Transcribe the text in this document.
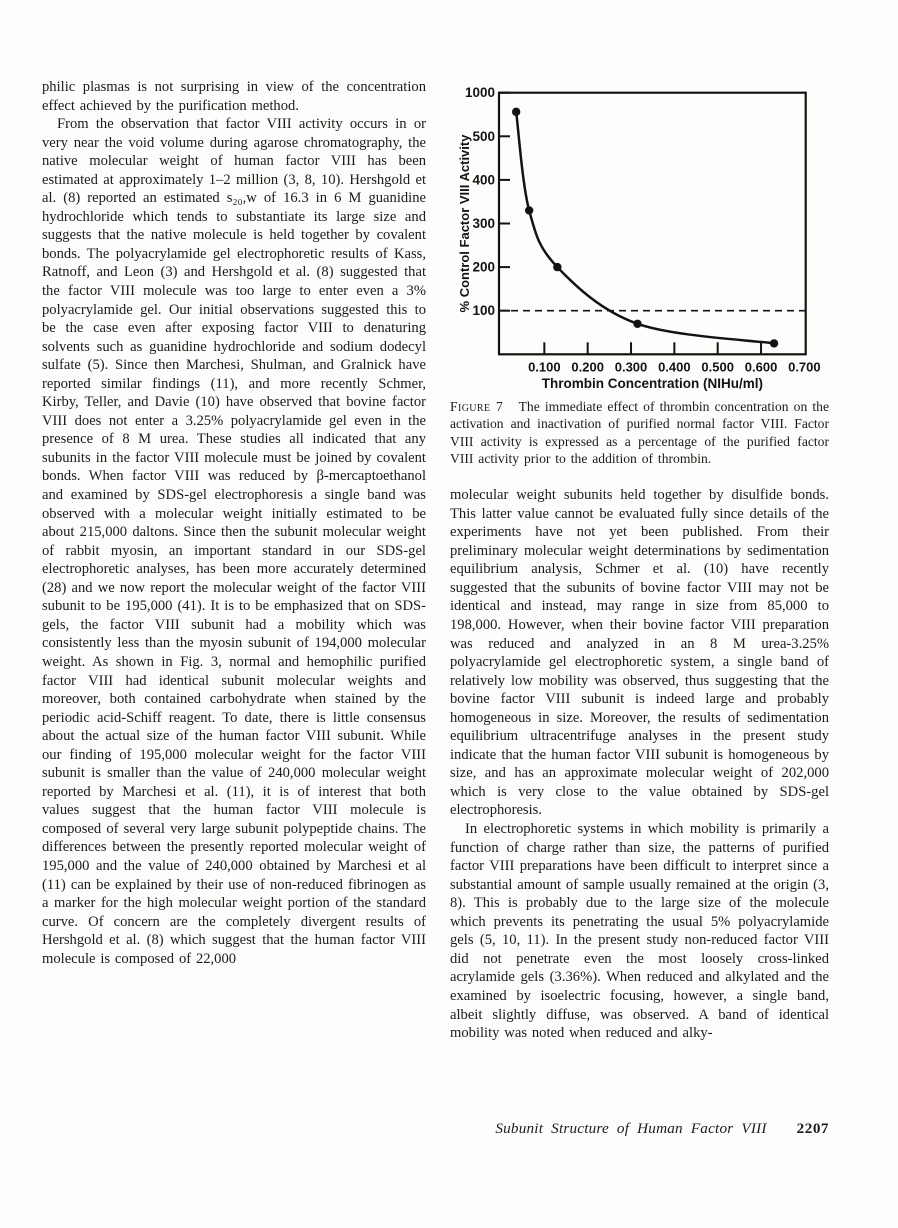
philic plasmas is not surprising in view of the concentration effect achieved by the purification method.

From the observation that factor VIII activity occurs in or very near the void volume during agarose chromatography, the native molecular weight of human factor VIII has been estimated at approximately 1–2 million (3, 8, 10). Hershgold et al. (8) reported an estimated s₂₀,w of 16.3 in 6 M guanidine hydrochloride which tends to substantiate its large size and suggests that the native molecule is held together by covalent bonds. The polyacrylamide gel electrophoretic results of Kass, Ratnoff, and Leon (3) and Hershgold et al. (8) suggested that the factor VIII molecule was too large to enter even a 3% polyacrylamide gel. Our initial observations suggested this to be the case even after exposing factor VIII to denaturing solvents such as guanidine hydrochloride and sodium dodecyl sulfate (5). Since then Marchesi, Shulman, and Gralnick have reported similar findings (11), and more recently Schmer, Kirby, Teller, and Davie (10) have observed that bovine factor VIII does not enter a 3.25% polyacrylamide gel even in the presence of 8 M urea. These studies all indicated that any subunits in the factor VIII molecule must be joined by covalent bonds. When factor VIII was reduced by β-mercaptoethanol and examined by SDS-gel electrophoresis a single band was observed with a molecular weight initially estimated to be about 215,000 daltons. Since then the subunit molecular weight of rabbit myosin, an important standard in our SDS-gel electrophoretic analyses, has been more accurately determined (28) and we now report the molecular weight of the factor VIII subunit to be 195,000 (41). It is to be emphasized that on SDS-gels, the factor VIII subunit had a mobility which was consistently less than the myosin subunit of 194,000 molecular weight. As shown in Fig. 3, normal and hemophilic purified factor VIII had identical subunit molecular weights and moreover, both contained carbohydrate when stained by the periodic acid-Schiff reagent. To date, there is little consensus about the actual size of the human factor VIII subunit. While our finding of 195,000 molecular weight for the factor VIII subunit is smaller than the value of 240,000 molecular weight reported by Marchesi et al. (11), it is of interest that both values suggest that the human factor VIII molecule is composed of several very large subunit polypeptide chains. The differences between the presently reported molecular weight of 195,000 and the value of 240,000 obtained by Marchesi et al (11) can be explained by their use of non-reduced fibrinogen as a marker for the high molecular weight portion of the standard curve. Of concern are the completely divergent results of Hershgold et al. (8) which suggest that the human factor VIII molecule is composed of 22,000

1000
500
400
300
200
100
0.100 0.200 0.300 0.400 0.500 0.600 0.700
Thrombin Concentration (NIHu/ml)
% Control Factor VIII Activity
Figure 7 The immediate effect of thrombin concentration on the activation and inactivation of purified normal factor VIII. Factor VIII activity is expressed as a percentage of the purified factor VIII activity prior to the addition of thrombin.

molecular weight subunits held together by disulfide bonds. This latter value cannot be evaluated fully since details of the experiments have not yet been published. From their preliminary molecular weight determinations by sedimentation equilibrium analysis, Schmer et al. (10) have recently suggested that the subunits of bovine factor VIII may not be identical and instead, may range in size from 85,000 to 198,000. However, when their bovine factor VIII preparation was reduced and analyzed in an 8 M urea-3.25% polyacrylamide gel electrophoretic system, a single band of relatively low mobility was observed, thus suggesting that the bovine factor VIII subunit is indeed large and probably homogeneous in size. Moreover, the results of sedimentation equilibrium ultracentrifuge analyses in the present study indicate that the human factor VIII subunit is homogeneous by size, and has an approximate molecular weight of 202,000 which is very close to the value obtained by SDS-gel electrophoresis.

In electrophoretic systems in which mobility is primarily a function of charge rather than size, the patterns of purified factor VIII preparations have been difficult to interpret since a substantial amount of sample usually remained at the origin (3, 8). This is probably due to the large size of the molecule which prevents its penetrating the usual 5% polyacrylamide gels (5, 10, 11). In the present study non-reduced factor VIII did not penetrate even the most loosely cross-linked acrylamide gels (3.36%). When reduced and alkylated and the examined by isoelectric focusing, however, a single band, albeit slightly diffuse, was observed. A band of identical mobility was noted when reduced and alky-

Subunit Structure of Human Factor VIII 2207
